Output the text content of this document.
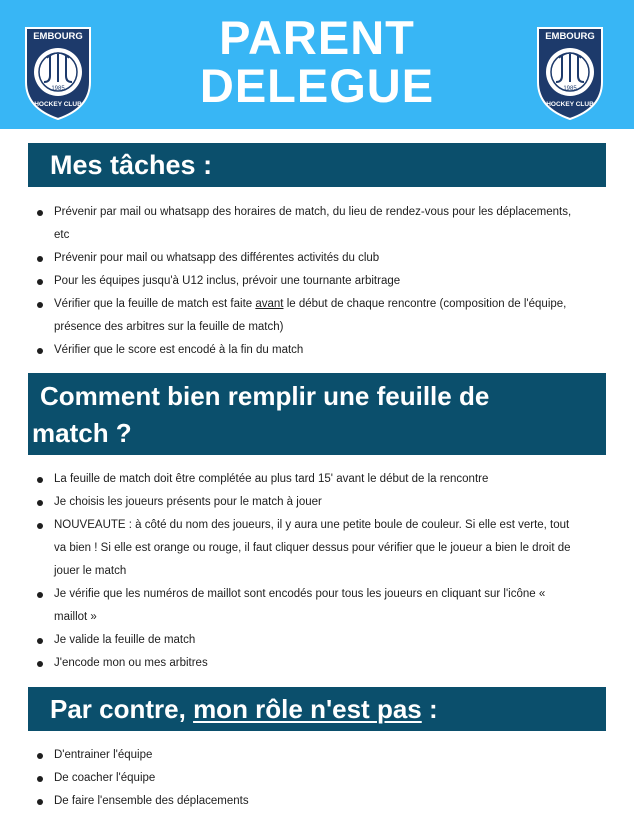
EMBOURG
1985
HOCKEY CLUB
PARENT
DELEGUE
EMBOURG
1985
HOCKEY CLUB
Mes tâches :
Prévenir par mail ou whatsapp des horaires de match, du lieu de rendez-vous pour les déplacements, etc
Prévenir pour mail ou whatsapp des différentes activités du club
Pour les équipes jusqu'à U12 inclus, prévoir une tournante arbitrage
Vérifier que la feuille de match est faite avant le début de chaque rencontre (composition de l'équipe, présence des arbitres sur la feuille de match)
Vérifier que le score est encodé à la fin du match
Comment bien remplir une feuille de
match ?
La feuille de match doit être complétée au plus tard 15' avant le début de la rencontre
Je choisis les joueurs présents pour le match à jouer
NOUVEAUTE : à côté du nom des joueurs, il y aura une petite boule de couleur. Si elle est verte, tout va bien ! Si elle est orange ou rouge, il faut cliquer dessus pour vérifier que le joueur a bien le droit de jouer le match
Je vérifie que les numéros de maillot sont encodés pour tous les joueurs en cliquant sur l'icône « maillot »
Je valide la feuille de match
J'encode mon ou mes arbitres
Par contre, mon rôle n'est pas :
D'entrainer l'équipe
De coacher l'équipe
De faire l'ensemble des déplacements
